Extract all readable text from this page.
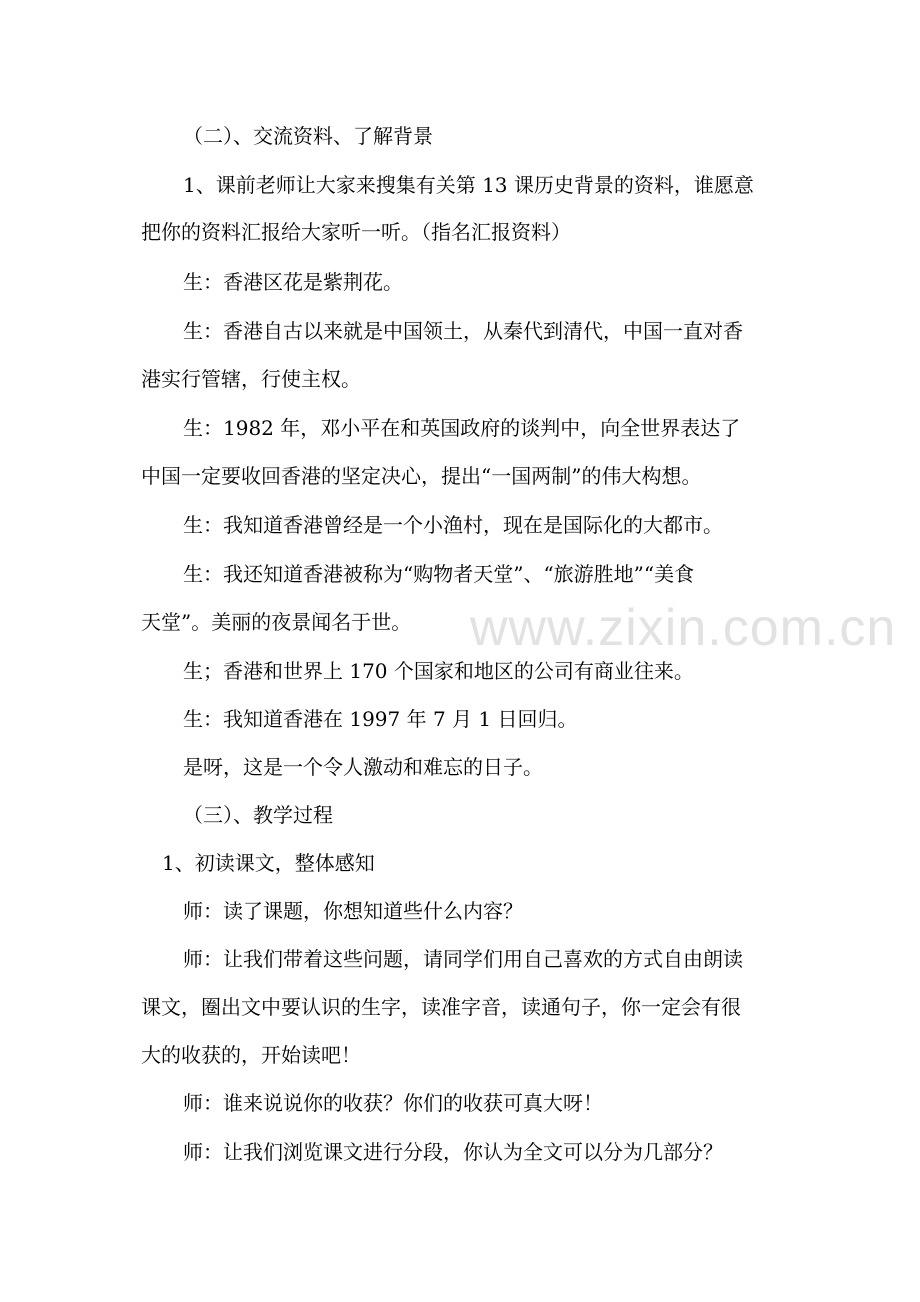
（二）、交流资料、了解背景

1、课前老师让大家来搜集有关第 13 课历史背景的资料，谁愿意

把你的资料汇报给大家听一听。（指名汇报资料）

生：香港区花是紫荆花。

生：香港自古以来就是中国领土，从秦代到清代，中国一直对香

港实行管辖，行使主权。

生：1982 年，邓小平在和英国政府的谈判中，向全世界表达了

中国一定要收回香港的坚定决心，提出“一国两制”的伟大构想。

生：我知道香港曾经是一个小渔村，现在是国际化的大都市。

生：我还知道香港被称为“购物者天堂”、“旅游胜地”“美食

天堂”。美丽的夜景闻名于世。

生；香港和世界上 170 个国家和地区的公司有商业往来。

生：我知道香港在 1997 年 7 月 1 日回归。

是呀，这是一个令人激动和难忘的日子。

（三）、教学过程

1、初读课文，整体感知

师：读了课题，你想知道些什么内容？

师：让我们带着这些问题，请同学们用自己喜欢的方式自由朗读

课文，圈出文中要认识的生字，读准字音，读通句子，你一定会有很

大的收获的，开始读吧！

师：谁来说说你的收获？你们的收获可真大呀！

师：让我们浏览课文进行分段，你认为全文可以分为几部分？

www.zixin.com.cn
